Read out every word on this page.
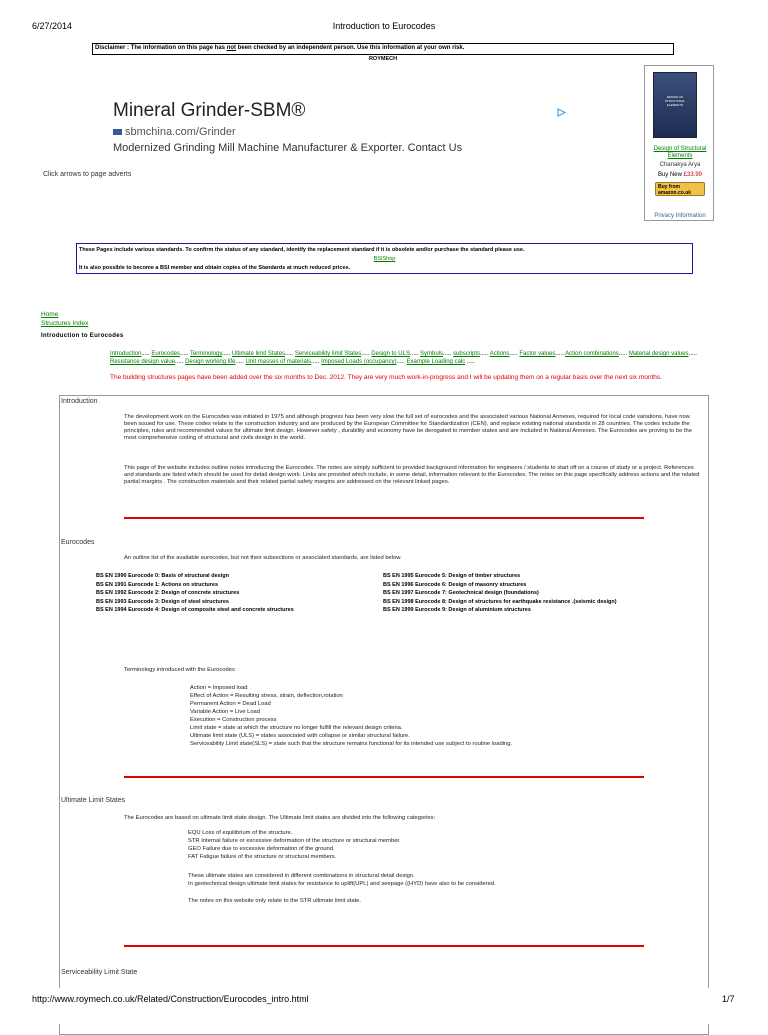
6/27/2014	Introduction to Eurocodes
Disclaimer : The information on this page has not been checked by an independent person. Use this information at your own risk.
ROYMECH
Mineral Grinder-SBM®
sbmchina.com/Grinder
Modernized Grinding Mill Machine Manufacturer & Exporter. Contact Us
Click arrows to page adverts
DESIGN OF STRUCTURAL ELEMENTS
Design of Structural Elements
Chanakya Arya
Buy New £33.99
Buy from amazon.co.uk
Privacy Information
These Pages include various standards. To confirm the status of any standard, identify the replacement standard if it is obsolete and/or purchase the standard please use.
BSIShop
It is also possible to become a BSI member and obtain copies of the Standards at much reduced prices.
Home
Structures Index
Introduction to Eurocodes
Introduction..... Eurocodes..... Terminology..... Ultimate limit States..... Serviceability limit States..... Design to ULS..... Symbols..... subscripts..... Actions..... Factor values..... Action combinations..... Material design values..... Resistance design value..... Design working life..... Unit masses of materials..... Imposed Loads (occupancy)..... Example Loading calc .....
The building structures pages have been added over the six months to Dec. 2012. They are very much work-in-progress and I will be updating them on a regular basis over the next six months.
Introduction
The development work on the Eurocodes was initiated in 1975 and although progress has been very slow the full set of eurocodes and the associated various National Annexes, required for local code variations, have now been issued for use. These codes relate to the construction industry and are produced by the European Committee for Standardization (CEN), and replace existing national standards in 28 countries. The codes include the principles, rules and recommended values for ultimate limit design. However safety , durability and economy have be derogated to member states and are included in National Annexes. The Eurocodes are proving to be the most comprehensive coding of structural and civils design in the world.
This page of the website includes outline notes introducing the Eurocodes. The notes are simply sufficient to provided background information for engineers / students to start off on a course of study or a project. References and standards are listed which should be used for detail design work. Links are provided which include, in some detail, information relevant to the Eurocodes. The notes on this page specifically address actions and the related partial margins . The construction materials and their related partial safety margins are addressed on the relevant linked pages.
Eurocodes
An outline list of the available eurocodes, but not their subsections or associated standards, are listed below.
BS EN 1990 Eurocode 0: Basis of structural design
BS EN 1991 Eurocode 1: Actions on structures
BS EN 1992 Eurocode 2: Design of concrete structures
BS EN 1993 Eurocode 3: Design of steel structures
BS EN 1994 Eurocode 4: Design of composite steel and concrete structures
BS EN 1995 Eurocode 5: Design of timber structures
BS EN 1996 Eurocode 6: Design of masonry structures
BS EN 1997 Eurocode 7: Geotechnical design (foundations)
BS EN 1998 Eurocode 8: Design of structures for earthquake resistance .(seismic design)
BS EN 1999 Eurocode 9: Design of aluminium structures
Terminology introduced with the Eurocodes
Action = Imposed load
Effect of Action = Resulting stress, strain, deflection,rotation
Permanent Action = Dead Load
Variable Action = Live Load
Execution = Construction process
Limit state = state at which the structure no longer fulfill the relevant design criteria.
Ultimate limit state (ULS) = states associated with collapse or similar structural failure.
Serviceability Limit state(SLS) = state such that the structure remains functional for its intended use subject to routine loading.
Ultimate Limit States
The Eurocodes are based on ultimate limit state design. The Ultimate limit states are divided into the following categories:
EQU Loss of equilibrium of the structure.
STR Internal failure or excessive deformation of the structure or structural member.
GEO Failure due to excessive deformation of the ground.
FAT Fatigue failure of the structure or structural members.
These ultimate states are considered in different combinations in structural detail design.
In geotechnical design ultimate limit states for resistance to uplift(UPL) and seepage ((HYD) have also to be considered.
The notes on this website only relate to the STR ultimate limit state.
Serviceability Limit State
http://www.roymech.co.uk/Related/Construction/Eurocodes_intro.html	1/7
